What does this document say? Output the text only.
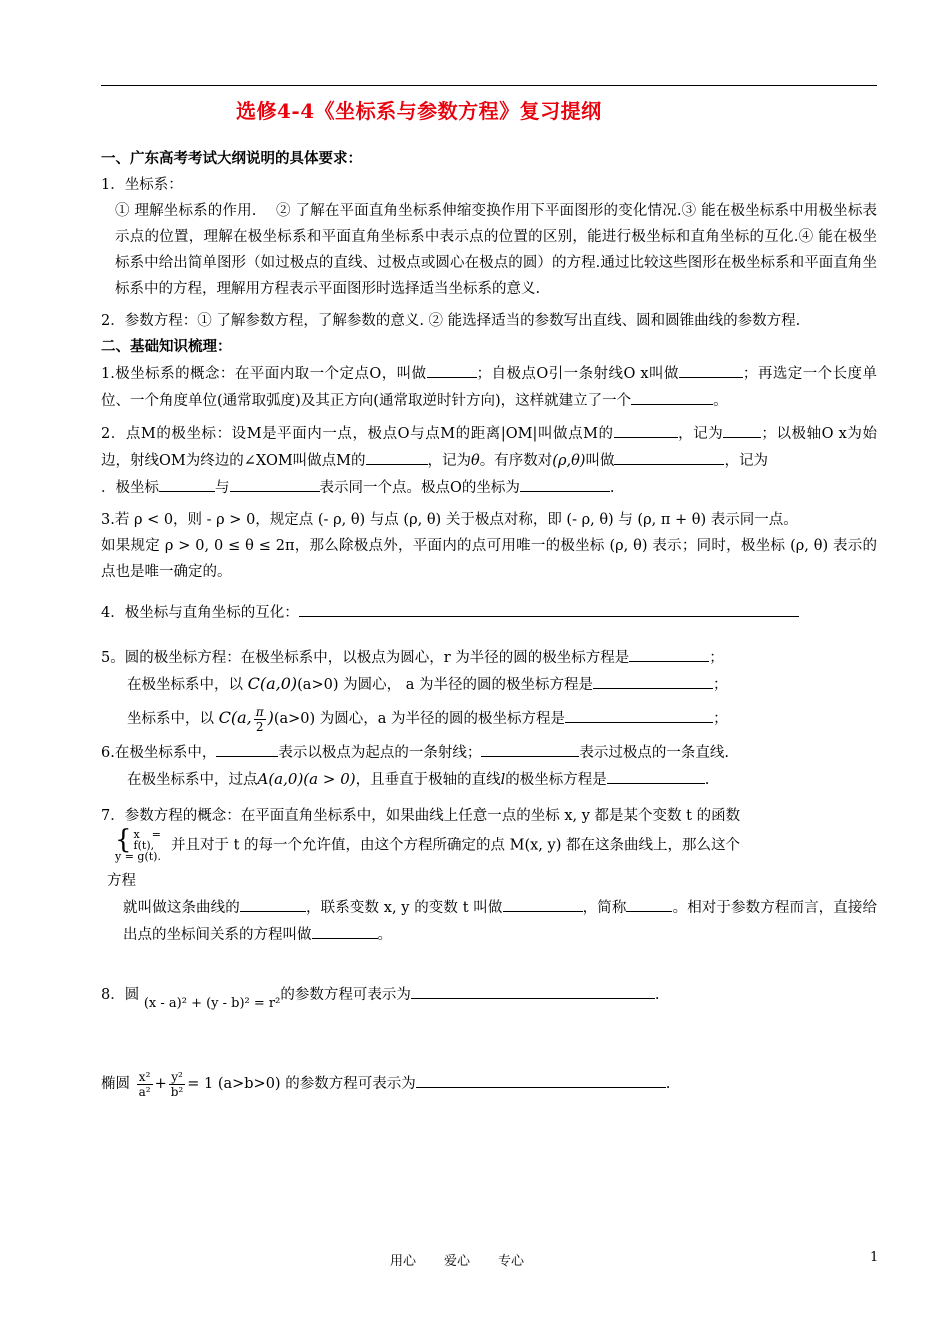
选修4-4《坐标系与参数方程》复习提纲

一、广东高考考试大纲说明的具体要求：

1．坐标系：

① 理解坐标系的作用.　 ② 了解在平面直角坐标系伸缩变换作用下平面图形的变化情况.③ 能在极坐标系中用极坐标表示点的位置，理解在极坐标系和平面直角坐标系中表示点的位置的区别，能进行极坐标和直角坐标的互化.④ 能在极坐标系中给出简单图形（如过极点的直线、过极点或圆心在极点的圆）的方程.通过比较这些图形在极坐标系和平面直角坐标系中的方程，理解用方程表示平面图形时选择适当坐标系的意义.

2．参数方程：① 了解参数方程，了解参数的意义. ② 能选择适当的参数写出直线、圆和圆锥曲线的参数方程.

二、基础知识梳理：

1.极坐标系的概念：在平面内取一个定点O，叫做	；自极点O引一条射线O x叫做	；再选定一个长度单位、一个角度单位(通常取弧度)及其正方向(通常取逆时针方向)，这样就建立了一个	。

2．点M的极坐标：设M是平面内一点，极点O与点M的距离|OM|叫做点M的	，记为	；以极轴O x为始边，射线OM为终边的∠XOM叫做点M的	，记为θ。有序数对(ρ,θ)叫做	，记为
．极坐标	与	表示同一个点。极点O的坐标为	.

3.若 ρ < 0，则 - ρ > 0，规定点 (- ρ, θ) 与点 (ρ, θ) 关于极点对称，即 (- ρ, θ) 与 (ρ, π + θ) 表示同一点。

如果规定 ρ > 0, 0 ≤ θ ≤ 2π，那么除极点外，平面内的点可用唯一的极坐标 (ρ, θ) 表示；同时，极坐标 (ρ, θ) 表示的点也是唯一确定的。

4．极坐标与直角坐标的互化：

5。圆的极坐标方程：在极坐标系中，以极点为圆心，r 为半径的圆的极坐标方程是	；

在极坐标系中，以 C(a,0)(a>0) 为圆心， a 为半径的圆的极坐标方程是	；

坐标系中，以 C(a, $\frac{\pi}{2} )(a>0)$ 为圆心，a 为半径的圆的极坐标方程是	；

6.在极坐标系中，	表示以极点为起点的一条射线；	表示过极点的一条直线.

在极坐标系中，过点A(a,0)(a > 0)，且垂直于极轴的直线l的极坐标方程是	.

7．参数方程的概念：在平面直角坐标系中，如果曲线上任意一点的坐标 x, y 都是某个变数 t 的函数

{ x = f(t),
y = g(t).
并且对于 t 的每一个允许值，由这个方程所确定的点 M(x, y) 都在这条曲线上，那么这个

方程

就叫做这条曲线的	，联系变数 x, y 的变数 t 叫做	，简称	。相对于参数方程而言，直接给出点的坐标间关系的方程叫做	。

8．圆 (x - a)² + (y - b)² = r²的参数方程可表示为	.

椭圆 $\frac{\text{x²}}{\text{a²}} + \frac{\text{y²}}{\text{b²}} = 1$ (a>b>0) 的参数方程可表示为	.

用心 爱心 专心	1
